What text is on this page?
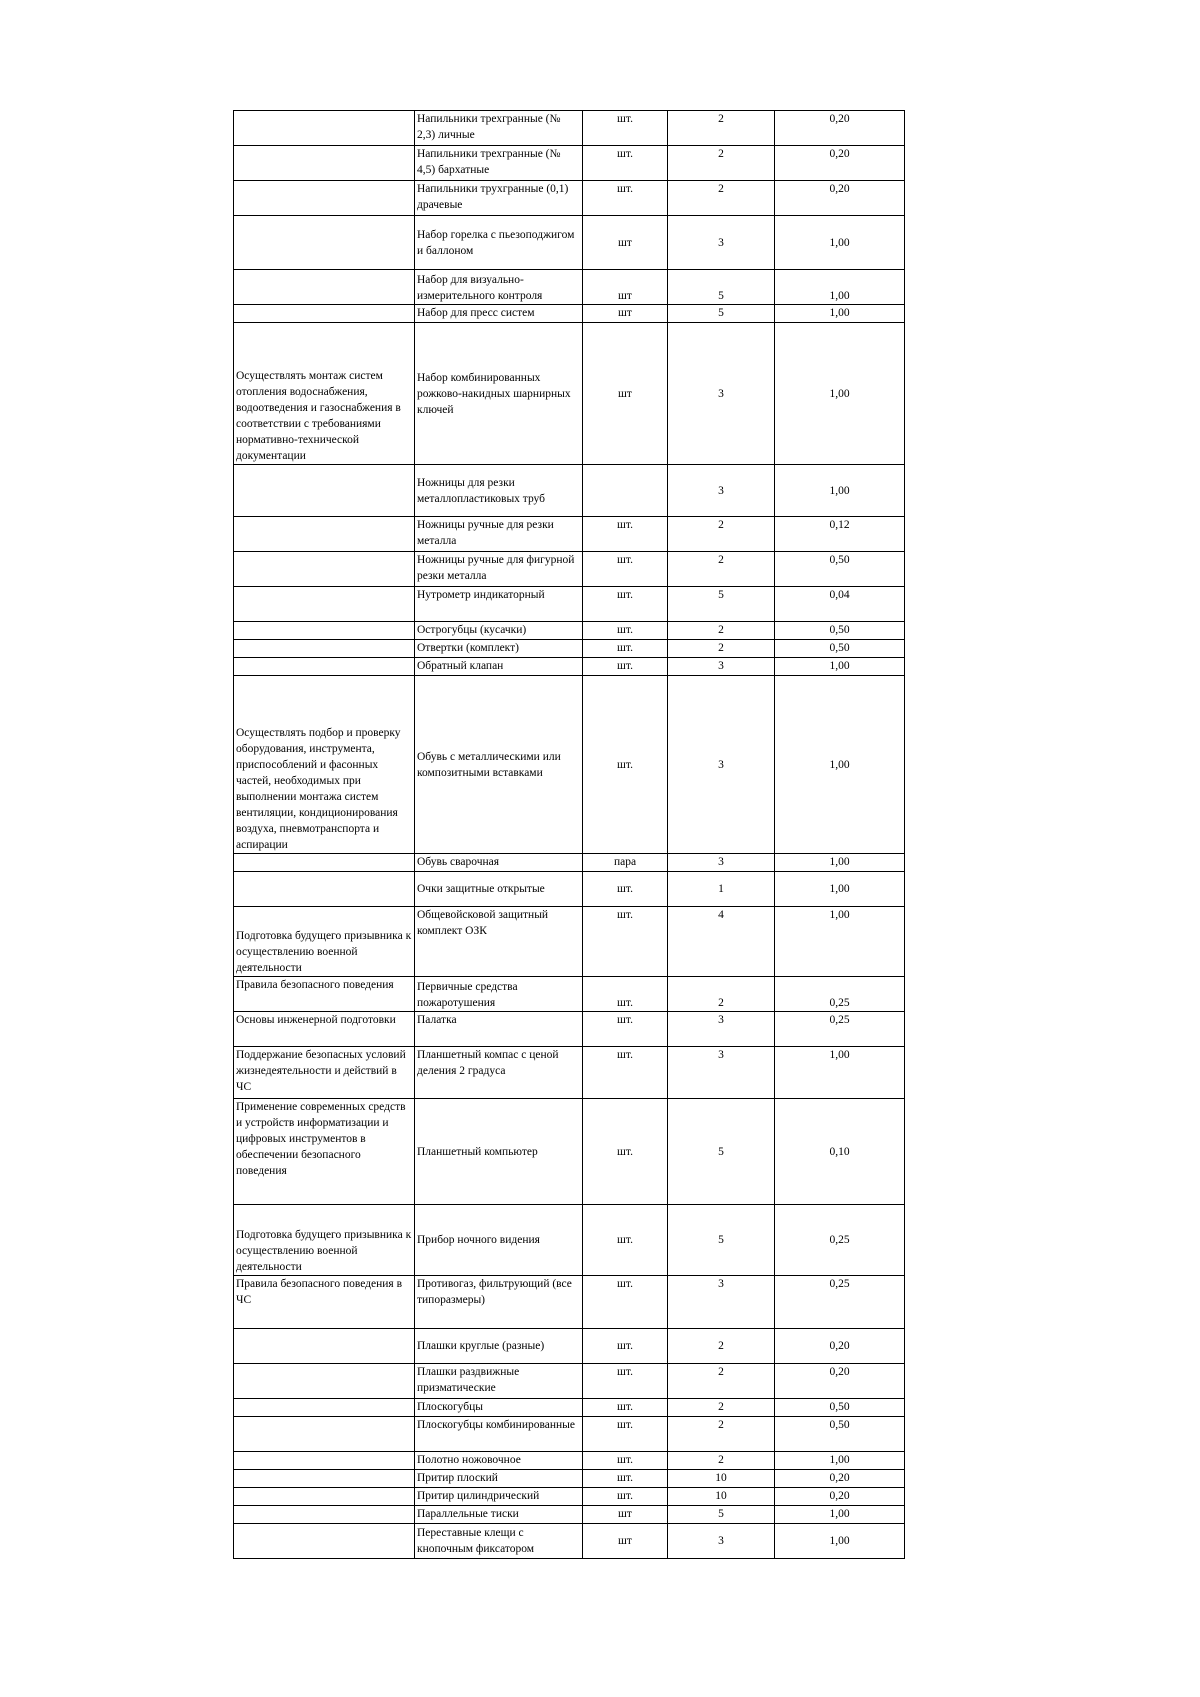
	Напильники трехгранные (№ 2,3) личные	шт.	2	0,20
	Напильники трехгранные (№ 4,5) бархатные	шт.	2	0,20
	Напильники трухгранные (0,1) драчевые	шт.	2	0,20
	Набор горелка с пьезоподжигом и баллоном	шт	3	1,00
	Набор для визуально-измерительного контроля	шт	5	1,00
	Набор для пресс систем	шт	5	1,00
Осуществлять монтаж систем отопления водоснабжения, водоотведения и газоснабжения в соответствии с требованиями нормативно-технической документации	Набор комбинированных рожково-накидных шарнирных ключей	шт	3	1,00
	Ножницы для резки металлопластиковых труб		3	1,00
	Ножницы ручные для резки металла	шт.	2	0,12
	Ножницы ручные для фигурной резки металла	шт.	2	0,50
	Нутрометр индикаторный	шт.	5	0,04
	Острогубцы (кусачки)	шт.	2	0,50
	Отвертки (комплект)	шт.	2	0,50
	Обратный клапан	шт.	3	1,00
Осуществлять подбор и проверку оборудования, инструмента, приспособлений и фасонных частей, необходимых при выполнении монтажа систем вентиляции, кондиционирования воздуха, пневмотранспорта и аспирации	Обувь с металлическими или композитными вставками	шт.	3	1,00
	Обувь сварочная	пара	3	1,00
	Очки защитные открытые	шт.	1	1,00
Подготовка будущего призывника к осуществлению военной деятельности	Общевойсковой защитный комплект ОЗК	шт.	4	1,00
Правила безопасного поведения	Первичные средства пожаротушения	шт.	2	0,25
Основы инженерной подготовки	Палатка	шт.	3	0,25
Поддержание безопасных условий жизнедеятельности и действий в ЧС	Планшетный компас с ценой деления 2 градуса	шт.	3	1,00
Применение современных средств и устройств информатизации и цифровых инструментов в обеспечении безопасного поведения	Планшетный компьютер	шт.	5	0,10
Подготовка будущего призывника к осуществлению военной деятельности	Прибор ночного видения	шт.	5	0,25
Правила безопасного поведения в ЧС	Противогаз, фильтрующий (все типоразмеры)	шт.	3	0,25
	Плашки круглые (разные)	шт.	2	0,20
	Плашки раздвижные призматические	шт.	2	0,20
	Плоскогубцы	шт.	2	0,50
	Плоскогубцы комбинированные	шт.	2	0,50
	Полотно ножовочное	шт.	2	1,00
	Притир плоский	шт.	10	0,20
	Притир цилиндрический	шт.	10	0,20
	Параллельные тиски	шт	5	1,00
	Переставные клещи с кнопочным фиксатором	шт	3	1,00
